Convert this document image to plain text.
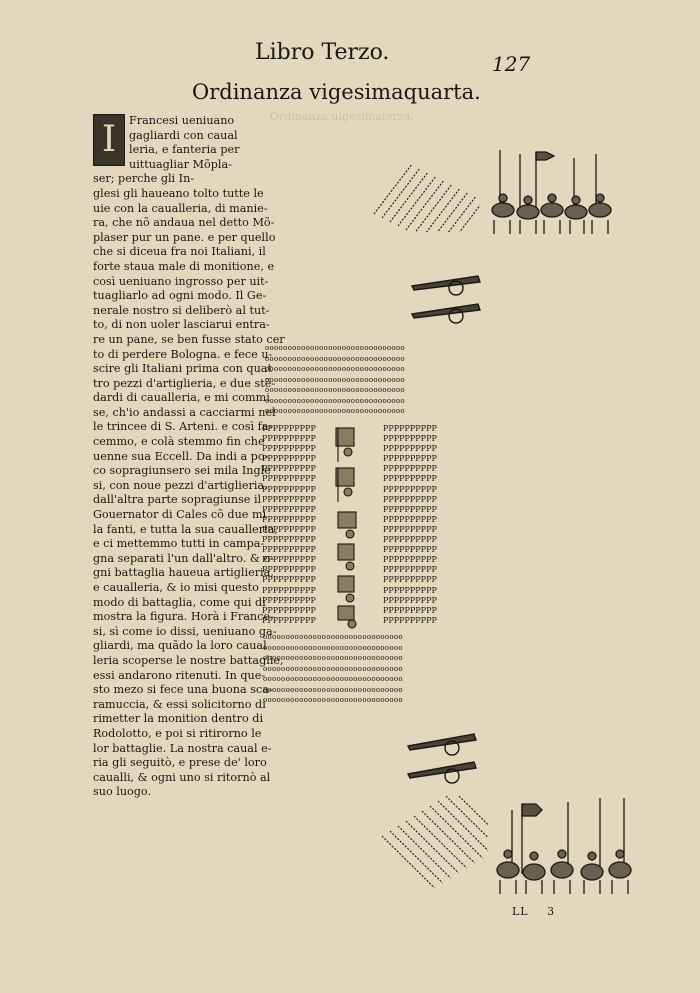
Ordinanza uigesimaterza.
Libro Terzo.	127
Ordinanza vigesimaquarta.
I	Francesi ueniuano
gagliardi con caual
leria, e fanteria per
uittuagliar Mõpla-
ser; perche gli In-
glesi gli haueano tolto tutte le
uie con la caualleria, di manie-
ra, che nõ andaua nel detto Mõ-
plaser pur un pane. e per quello
che si diceua fra noi Italiani, il
forte staua male di monitione, e
così ueniuano ingrosso per uit-
tuagliarlo ad ogni modo. Il Ge-
nerale nostro si deliberò al tut-
to, di non uoler lasciarui entra-
re un pane, se ben fusse stato cer
to di perdere Bologna. e fece u-
scire gli Italiani prima con quat
tro pezzi d'artiglieria, e due stẽ-
dardi di caualleria, e mi commi
se, ch'io andassi a cacciarmi nel
le trincee di S. Arteni. e così fa-
cemmo, e colà stemmo fin che
uenne sua Eccell. Da indi a po-
co sopragiunsero sei mila Ingle
si, con noue pezzi d'artiglieria.
dall'altra parte sopragiunse il
Gouernator di Cales cõ due mi
la fanti, e tutta la sua caualleria,
e ci mettemmo tutti in campa-
gna separati l'un dall'altro. & o-
gni battaglia haueua artiglieria,
e caualleria, & io misi questo
modo di battaglia, come qui di
mostra la figura. Horà i France-
si, sì come io dissi, ueniuano ga-
gliardi, ma quãdo la loro caual
leria scoperse le nostre battaglie,
essi andarono ritenuti. In que-
sto mezo si fece una buona sca-
ramuccia, & essi solicitorno di
rimetter la monition dentro di
Rodolotto, e poi si ritirorno le
lor battaglie. La nostra caual e-
ria gli seguitò, e prese de' loro
caualli, & ogni uno si ritornò al
suo luogo.
ooooooooooooooooooooooooooooooo
ooooooooooooooooooooooooooooooo
ooooooooooooooooooooooooooooooo
ooooooooooooooooooooooooooooooo
ooooooooooooooooooooooooooooooo
ooooooooooooooooooooooooooooooo
ooooooooooooooooooooooooooooooo
PPPPPPPPPP
PPPPPPPPPP
PPPPPPPPPP
PPPPPPPPPP
PPPPPPPPPP
PPPPPPPPPP
PPPPPPPPPP
PPPPPPPPPP
PPPPPPPPPP
PPPPPPPPPP
PPPPPPPPPP
PPPPPPPPPP
PPPPPPPPPP
PPPPPPPPPP
PPPPPPPPPP
PPPPPPPPPP
PPPPPPPPPP
PPPPPPPPPP
PPPPPPPPPP
PPPPPPPPPP
PPPPPPPPPP
PPPPPPPPPP
PPPPPPPPPP
PPPPPPPPPP
PPPPPPPPPP
PPPPPPPPPP
PPPPPPPPPP
PPPPPPPPPP
PPPPPPPPPP
PPPPPPPPPP
PPPPPPPPPP
PPPPPPPPPP
PPPPPPPPPP
PPPPPPPPPP
PPPPPPPPPP
PPPPPPPPPP
PPPPPPPPPP
PPPPPPPPPP
PPPPPPPPPP
PPPPPPPPPP
ooooooooooooooooooooooooooooooo
ooooooooooooooooooooooooooooooo
ooooooooooooooooooooooooooooooo
ooooooooooooooooooooooooooooooo
ooooooooooooooooooooooooooooooo
ooooooooooooooooooooooooooooooo
ooooooooooooooooooooooooooooooo
LL 3
